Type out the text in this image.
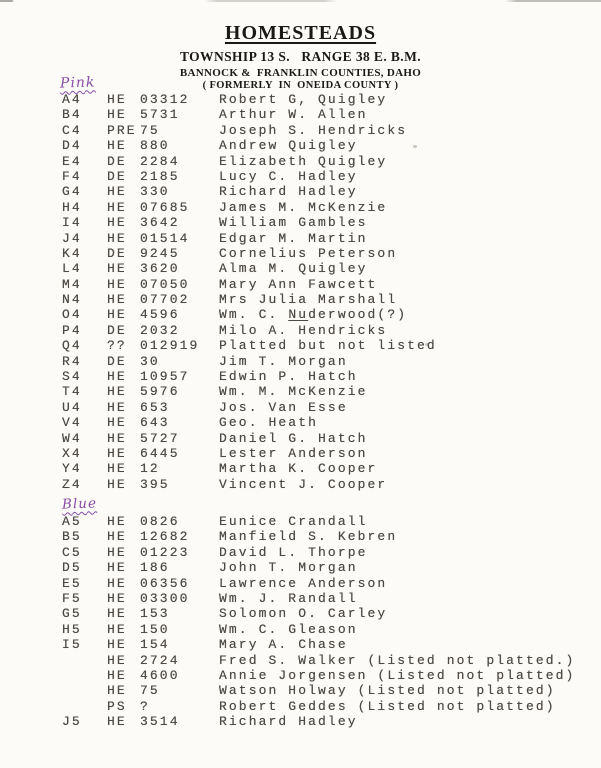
HOMESTEADS
TOWNSHIP 13 S.   RANGE 38 E. B.M.
BANNOCK &  FRANKLIN COUNTIES, DAHO
( FORMERLY  IN  ONEIDA COUNTY )
Pink
A4 HE 03312 Robert G, Quigley
B4 HE 5731	Arthur W. Allen
C4 PRE 75	Joseph S. Hendricks
D4 HE 880	Andrew Quigley
E4 DE 2284	Elizabeth Quigley
F4 DE 2185	Lucy C. Hadley
G4 HE 330	Richard Hadley
H4 HE 07685 James M. McKenzie
I4 HE 3642	William Gambles
J4 HE 01514 Edgar M. Martin
K4 DE 9245	Cornelius Peterson
L4 HE 3620	Alma M. Quigley
M4 HE 07050 Mary Ann Fawcett
N4 HE 07702 Mrs Julia Marshall
O4 HE 4596	Wm. C. Nuderwood(?)
P4 DE 2032	Milo A. Hendricks
Q4 ?? 012919 Platted but not listed
R4 DE 30	Jim T. Morgan
S4 HE 10957 Edwin P. Hatch
T4 HE 5976	Wm. M. McKenzie
U4 HE 653	Jos. Van Esse
V4 HE 643	Geo. Heath
W4 HE 5727	Daniel G. Hatch
X4 HE 6445	Lester Anderson
Y4 HE 12	Martha K. Cooper
Z4 HE 395	Vincent J. Cooper
Blue
A5 HE 0826	Eunice Crandall
B5 HE 12682 Manfield S. Kebren
C5 HE 01223 David L. Thorpe
D5 HE 186	John T. Morgan
E5 HE 06356 Lawrence Anderson
F5 HE 03300 Wm. J. Randall
G5 HE 153	Solomon O. Carley
H5 HE 150	Wm. C. Gleason
I5 HE 154	Mary A. Chase
HE 2724	Fred S. Walker (Listed not platted.)
HE 4600	Annie Jorgensen (Listed not platted)
HE 75	Watson Holway (Listed not platted)
PS ?	Robert Geddes (Listed not platted)
J5 HE 3514	Richard Hadley
